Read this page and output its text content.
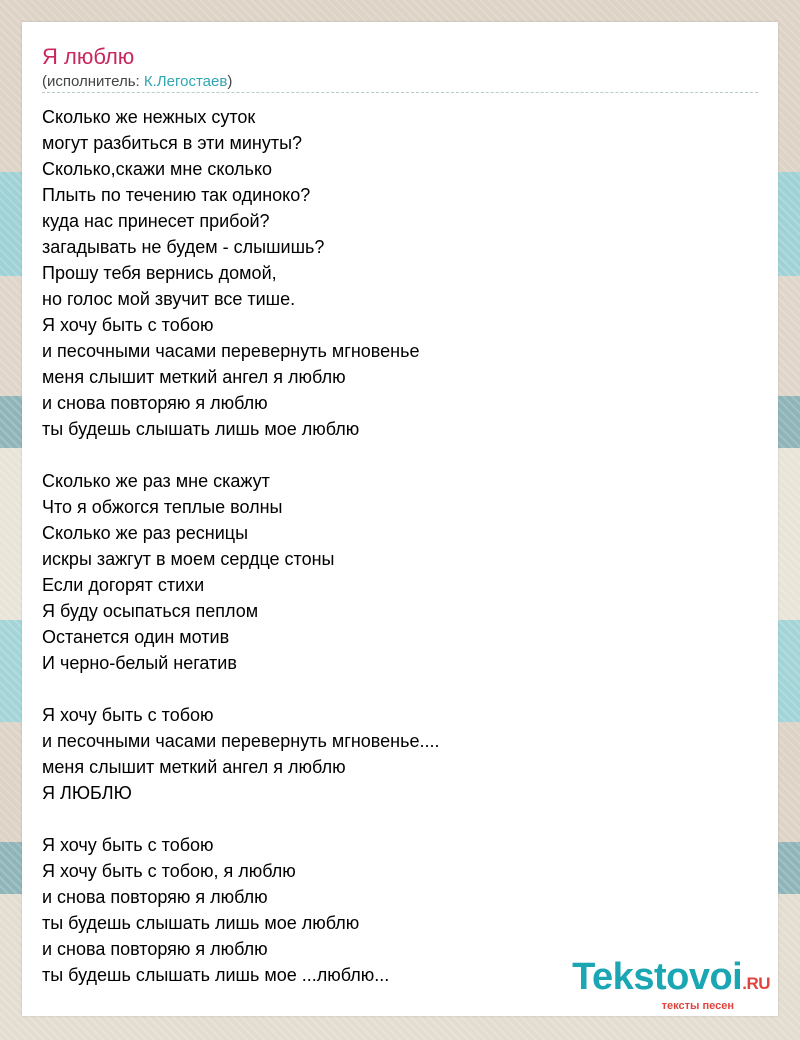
Я люблю
(исполнитель: К.Легостаев)
Сколько же нежных суток
могут разбиться в эти минуты?
Сколько,скажи мне сколько
Плыть по течению так одиноко?
куда нас принесет прибой?
загадывать не будем - слышишь?
Прошу тебя вернись домой,
но голос мой звучит все тише.
Я хочу быть с тобою
и песочными часами перевернуть мгновенье
меня слышит меткий ангел я люблю
и снова повторяю я люблю
ты будешь слышать лишь мое люблю
Сколько же раз мне скажут
Что я обжогся теплые волны
Сколько же раз ресницы
искры зажгут в моем сердце стоны
Если догорят стихи
Я буду осыпаться пеплом
Останется один мотив
И черно-белый негатив
Я хочу быть с тобою
и песочными часами перевернуть мгновенье....
меня слышит меткий ангел я люблю
Я ЛЮБЛЮ
Я хочу быть с тобою
Я хочу быть с тобою, я люблю
и снова повторяю я люблю
ты будешь слышать лишь мое люблю
и снова повторяю я люблю
ты будешь слышать лишь мое ...люблю...	Tekstovoi.RU
тексты песен
